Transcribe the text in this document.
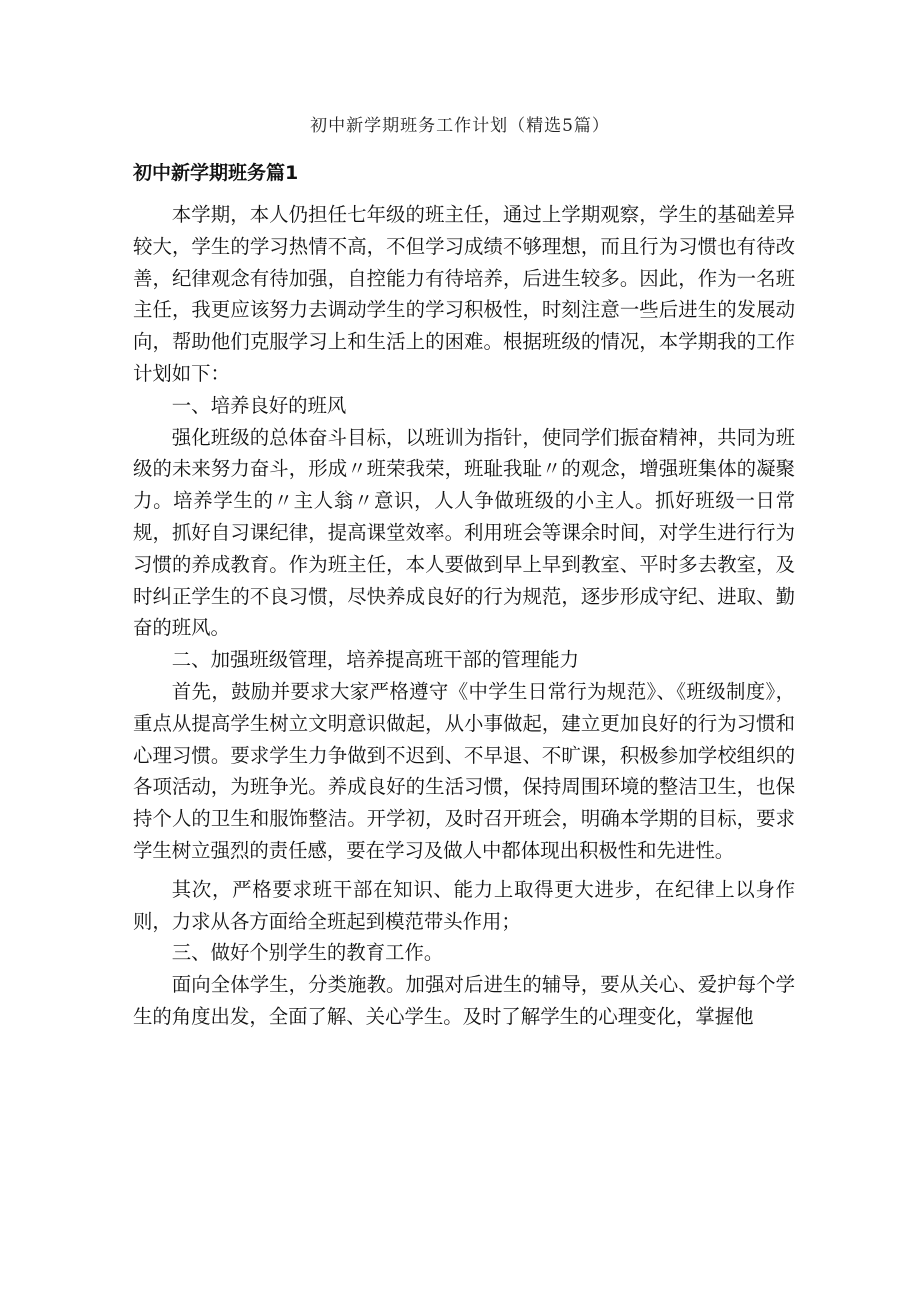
初中新学期班务工作计划（精选5篇）
初中新学期班务篇1

本学期，本人仍担任七年级的班主任，通过上学期观察，学生的基础差异较大，学生的学习热情不高，不但学习成绩不够理想，而且行为习惯也有待改善，纪律观念有待加强，自控能力有待培养，后进生较多。因此，作为一名班主任，我更应该努力去调动学生的学习积极性，时刻注意一些后进生的发展动向，帮助他们克服学习上和生活上的困难。根据班级的情况，本学期我的工作计划如下：

一、培养良好的班风

强化班级的总体奋斗目标，以班训为指针，使同学们振奋精神，共同为班级的未来努力奋斗，形成〃班荣我荣，班耻我耻〃的观念，增强班集体的凝聚力。培养学生的〃主人翁〃意识，人人争做班级的小主人。抓好班级一日常规，抓好自习课纪律，提高课堂效率。利用班会等课余时间，对学生进行行为习惯的养成教育。作为班主任，本人要做到早上早到教室、平时多去教室，及时纠正学生的不良习惯，尽快养成良好的行为规范，逐步形成守纪、进取、勤奋的班风。

二、加强班级管理，培养提高班干部的管理能力

首先，鼓励并要求大家严格遵守《中学生日常行为规范》、《班级制度》，重点从提高学生树立文明意识做起，从小事做起，建立更加良好的行为习惯和心理习惯。要求学生力争做到不迟到、不早退、不旷课，积极参加学校组织的各项活动，为班争光。养成良好的生活习惯，保持周围环境的整洁卫生，也保持个人的卫生和服饰整洁。开学初，及时召开班会，明确本学期的目标，要求学生树立强烈的责任感，要在学习及做人中都体现出积极性和先进性。

其次，严格要求班干部在知识、能力上取得更大进步，在纪律上以身作则，力求从各方面给全班起到模范带头作用；

三、做好个别学生的教育工作。

面向全体学生，分类施教。加强对后进生的辅导，要从关心、爱护每个学生的角度出发，全面了解、关心学生。及时了解学生的心理变化，掌握他
